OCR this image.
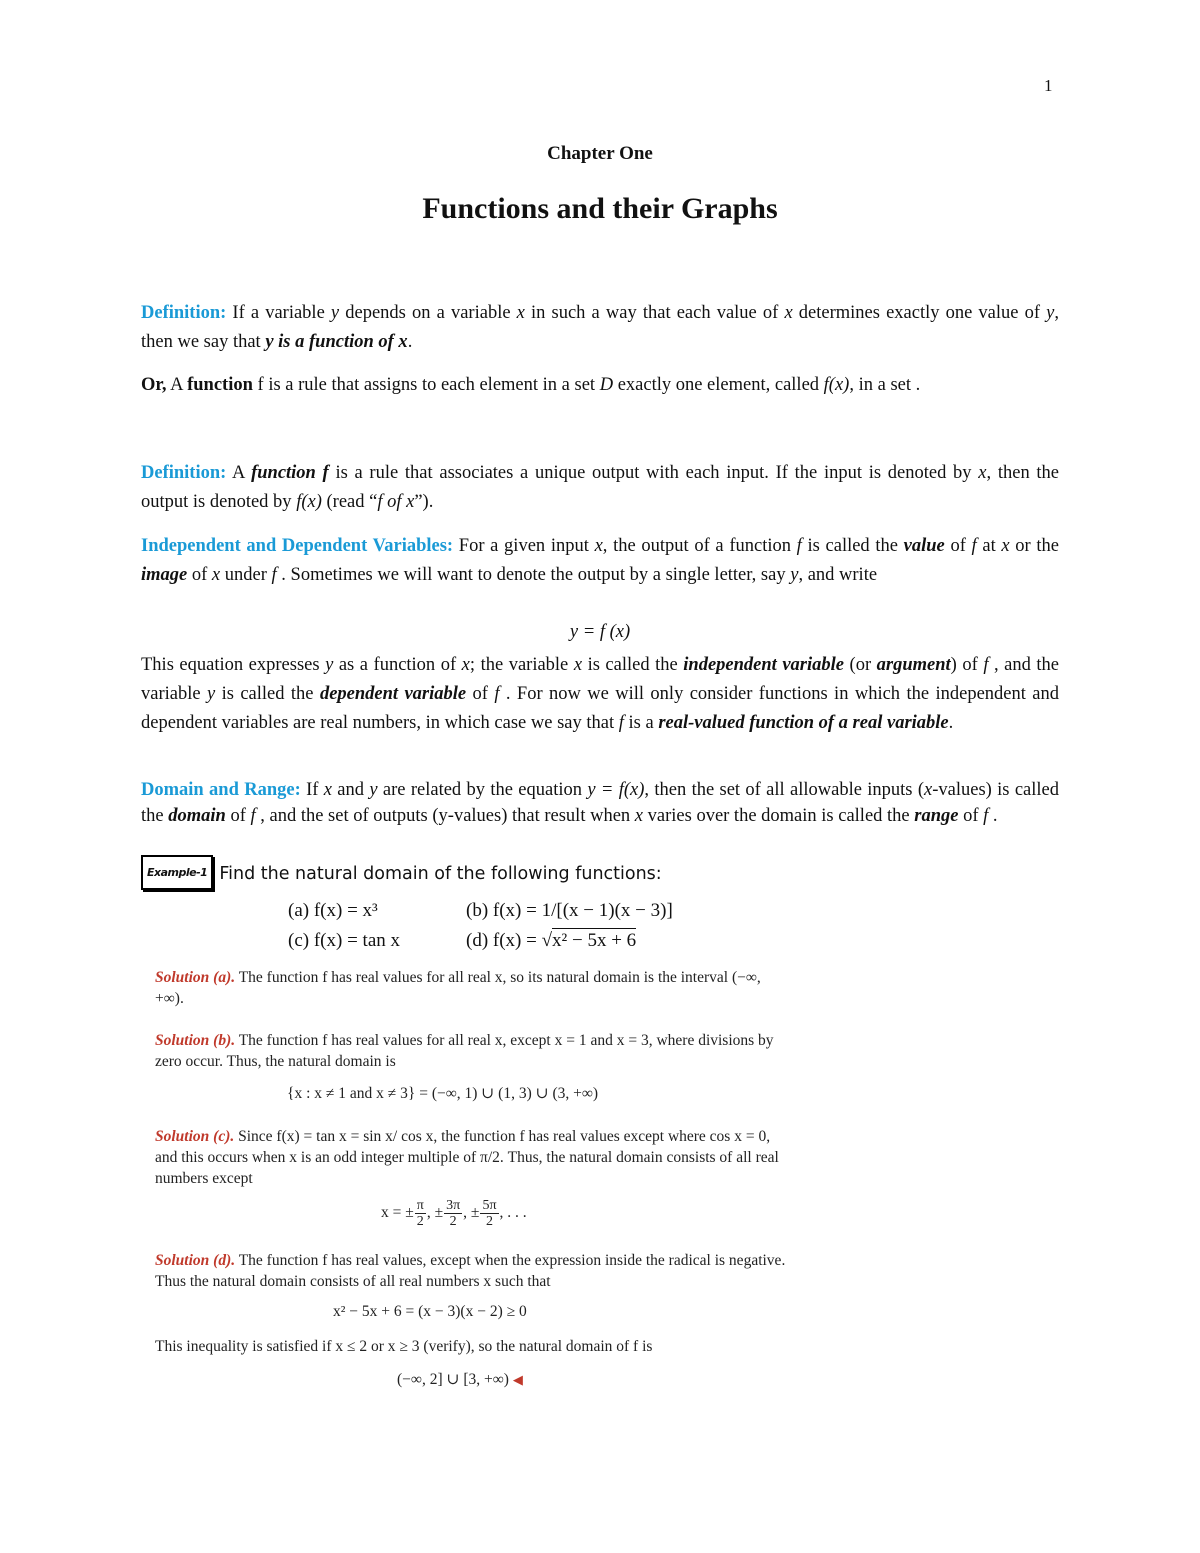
1
Chapter One
Functions and their Graphs
Definition: If a variable y depends on a variable x in such a way that each value of x determines exactly one value of y, then we say that y is a function of x.
Or, A function f is a rule that assigns to each element in a set D exactly one element, called f(x), in a set .
Definition: A function f is a rule that associates a unique output with each input. If the input is denoted by x, then the output is denoted by f(x) (read “f of x”).
Independent and Dependent Variables: For a given input x, the output of a function f is called the value of f at x or the image of x under f . Sometimes we will want to denote the output by a single letter, say y, and write
y = f (x)
This equation expresses y as a function of x; the variable x is called the independent variable (or argument) of f , and the variable y is called the dependent variable of f . For now we will only consider functions in which the independent and dependent variables are real numbers, in which case we say that f is a real-valued function of a real variable.
Domain and Range: If x and y are related by the equation y = f(x), then the set of all allowable inputs (x-values) is called the domain of f , and the set of outputs (y-values) that result when x varies over the domain is called the range of f .
Example-1 Find the natural domain of the following functions:
(a) f(x) = x³	(b) f(x) = 1/[(x − 1)(x − 3)]
(c) f(x) = tan x	(d) f(x) = √x² − 5x + 6
Solution (a). The function f has real values for all real x, so its natural domain is the interval (−∞, +∞).
Solution (b). The function f has real values for all real x, except x = 1 and x = 3, where divisions by zero occur. Thus, the natural domain is
{x : x ≠ 1 and x ≠ 3} = (−∞, 1) ∪ (1, 3) ∪ (3, +∞)
Solution (c). Since f(x) = tan x = sin x/ cos x, the function f has real values except where cos x = 0, and this occurs when x is an odd integer multiple of π/2. Thus, the natural domain consists of all real numbers except
x = ± $\frac{\pi}{2}$ , ± $\frac{3\pi}{2}$ , ± $\frac{5\pi}{2}$ , . . .
Solution (d). The function f has real values, except when the expression inside the radical is negative. Thus the natural domain consists of all real numbers x such that
x² − 5x + 6 = (x − 3)(x − 2) ≥ 0
This inequality is satisfied if x ≤ 2 or x ≥ 3 (verify), so the natural domain of f is
(−∞, 2] ∪ [3, +∞) ◀
